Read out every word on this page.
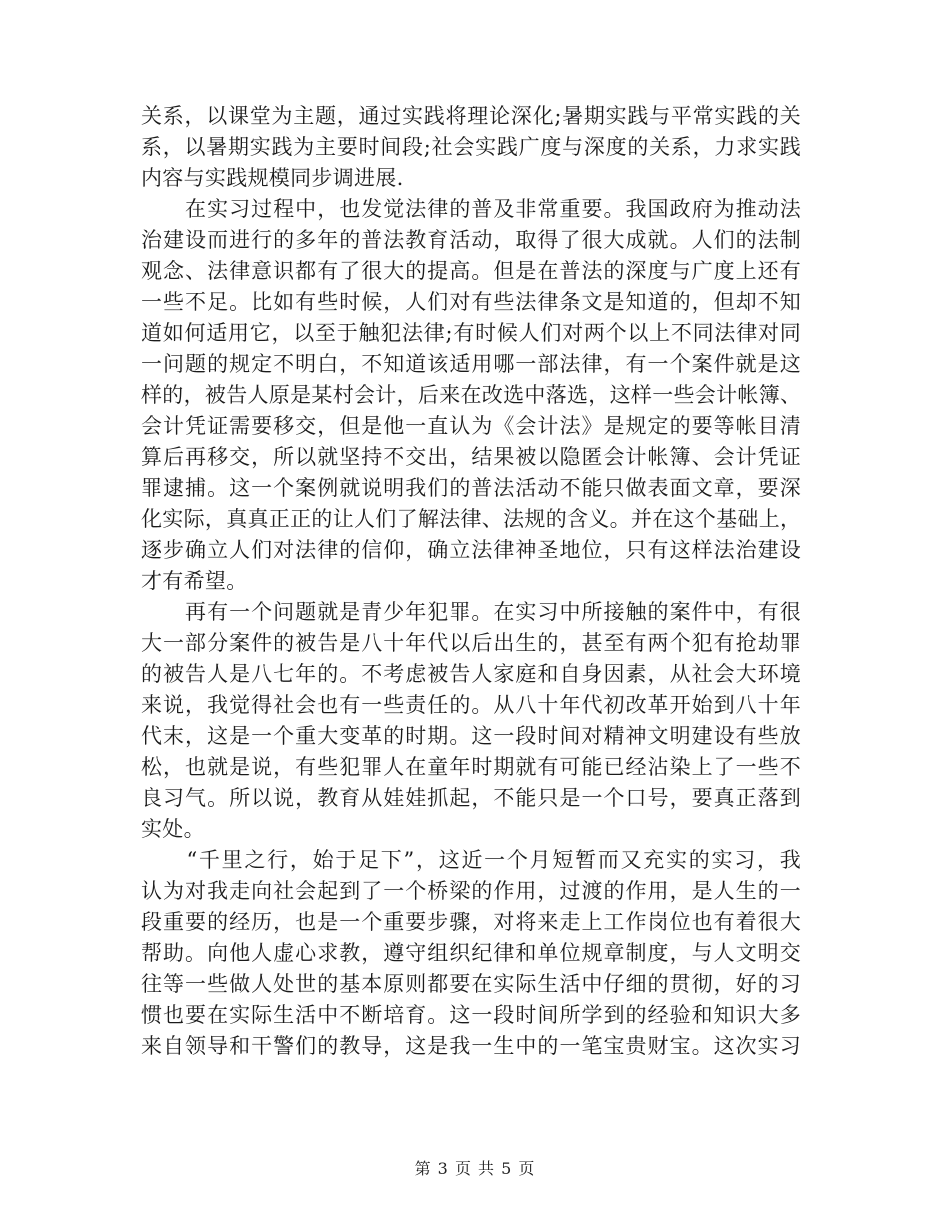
关系，以课堂为主题，通过实践将理论深化;暑期实践与平常实践的关
系，以暑期实践为主要时间段;社会实践广度与深度的关系，力求实践
内容与实践规模同步调进展.
　　在实习过程中，也发觉法律的普及非常重要。我国政府为推动法
治建设而进行的多年的普法教育活动，取得了很大成就。人们的法制
观念、法律意识都有了很大的提高。但是在普法的深度与广度上还有
一些不足。比如有些时候，人们对有些法律条文是知道的，但却不知
道如何适用它，以至于触犯法律;有时候人们对两个以上不同法律对同
一问题的规定不明白，不知道该适用哪一部法律，有一个案件就是这
样的，被告人原是某村会计，后来在改选中落选，这样一些会计帐簿、
会计凭证需要移交，但是他一直认为《会计法》是规定的要等帐目清
算后再移交，所以就坚持不交出，结果被以隐匿会计帐簿、会计凭证
罪逮捕。这一个案例就说明我们的普法活动不能只做表面文章，要深
化实际，真真正正的让人们了解法律、法规的含义。并在这个基础上，
逐步确立人们对法律的信仰，确立法律神圣地位，只有这样法治建设
才有希望。
　　再有一个问题就是青少年犯罪。在实习中所接触的案件中，有很
大一部分案件的被告是八十年代以后出生的，甚至有两个犯有抢劫罪
的被告人是八七年的。不考虑被告人家庭和自身因素，从社会大环境
来说，我觉得社会也有一些责任的。从八十年代初改革开始到八十年
代末，这是一个重大变革的时期。这一段时间对精神文明建设有些放
松，也就是说，有些犯罪人在童年时期就有可能已经沾染上了一些不
良习气。所以说，教育从娃娃抓起，不能只是一个口号，要真正落到
实处。
　　“千里之行，始于足下”，这近一个月短暂而又充实的实习，我
认为对我走向社会起到了一个桥梁的作用，过渡的作用，是人生的一
段重要的经历，也是一个重要步骤，对将来走上工作岗位也有着很大
帮助。向他人虚心求教，遵守组织纪律和单位规章制度，与人文明交
往等一些做人处世的基本原则都要在实际生活中仔细的贯彻，好的习
惯也要在实际生活中不断培育。这一段时间所学到的经验和知识大多
来自领导和干警们的教导，这是我一生中的一笔宝贵财宝。这次实习
第 3 页 共 5 页
